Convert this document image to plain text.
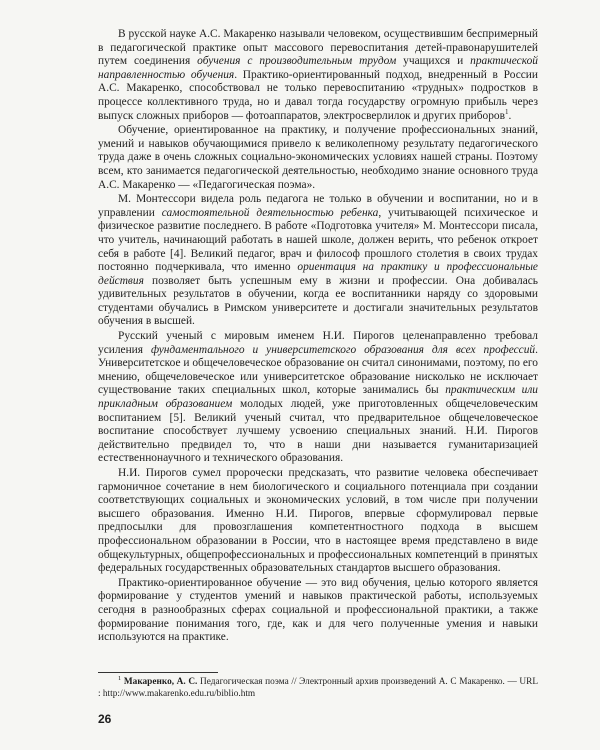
В русской науке А.С. Макаренко называли человеком, осуществившим беспримерный в педагогической практике опыт массового перевоспитания детей-правонарушителей путем соединения обучения с производительным трудом учащихся и практической направленностью обучения. Практико-ориентированный подход, внедренный в России А.С. Макаренко, способствовал не только перевоспитанию «трудных» подростков в процессе коллективного труда, но и давал тогда государству огромную прибыль через выпуск сложных приборов — фотоаппаратов, электросверлилок и других приборов$^1$.

Обучение, ориентированное на практику, и получение профессиональных знаний, умений и навыков обучающимися привело к великолепному результату педагогического труда даже в очень сложных социально-экономических условиях нашей страны. Поэтому всем, кто занимается педагогической деятельностью, необходимо знание основного труда А.С. Макаренко — «Педагогическая поэма».

М. Монтессори видела роль педагога не только в обучении и воспитании, но и в управлении самостоятельной деятельностью ребенка, учитывающей психическое и физическое развитие последнего. В работе «Подготовка учителя» М. Монтессори писала, что учитель, начинающий работать в нашей школе, должен верить, что ребенок откроет себя в работе [4]. Великий педагог, врач и философ прошлого столетия в своих трудах постоянно подчеркивала, что именно ориентация на практику и профессиональные действия позволяет быть успешным ему в жизни и профессии. Она добивалась удивительных результатов в обучении, когда ее воспитанники наряду со здоровыми студентами обучались в Римском университете и достигали значительных результатов обучения в высшей.

Русский ученый с мировым именем Н.И. Пирогов целенаправленно требовал усиления фундаментального и университетского образования для всех профессий. Университетское и общечеловеческое образование он считал синонимами, поэтому, по его мнению, общечеловеческое или университетское образование нисколько не исключает существование таких специальных школ, которые занимались бы практическим или прикладным образованием молодых людей, уже приготовленных общечеловеческим воспитанием [5]. Великий ученый считал, что предварительное общечеловеческое воспитание способствует лучшему усвоению специальных знаний. Н.И. Пирогов действительно предвидел то, что в наши дни называется гуманитаризацией естественнонаучного и технического образования.

Н.И. Пирогов сумел пророчески предсказать, что развитие человека обеспечивает гармоничное сочетание в нем биологического и социального потенциала при создании соответствующих социальных и экономических условий, в том числе при получении высшего образования. Именно Н.И. Пирогов, впервые сформулировал первые предпосылки для провозглашения компетентностного подхода в высшем профессиональном образовании в России, что в настоящее время представлено в виде общекультурных, общепрофессиональных и профессиональных компетенций в принятых федеральных государственных образовательных стандартов высшего образования.

Практико-ориентированное обучение — это вид обучения, целью которого является формирование у студентов умений и навыков практической работы, используемых сегодня в разнообразных сферах социальной и профессиональной практики, а также формирование понимания того, где, как и для чего полученные умения и навыки используются на практике.

$^1$ Макаренко, А. С. Педагогическая поэма // Электронный архив произведений А. С Макаренко. — URL : http://www.makarenko.edu.ru/biblio.htm
26
